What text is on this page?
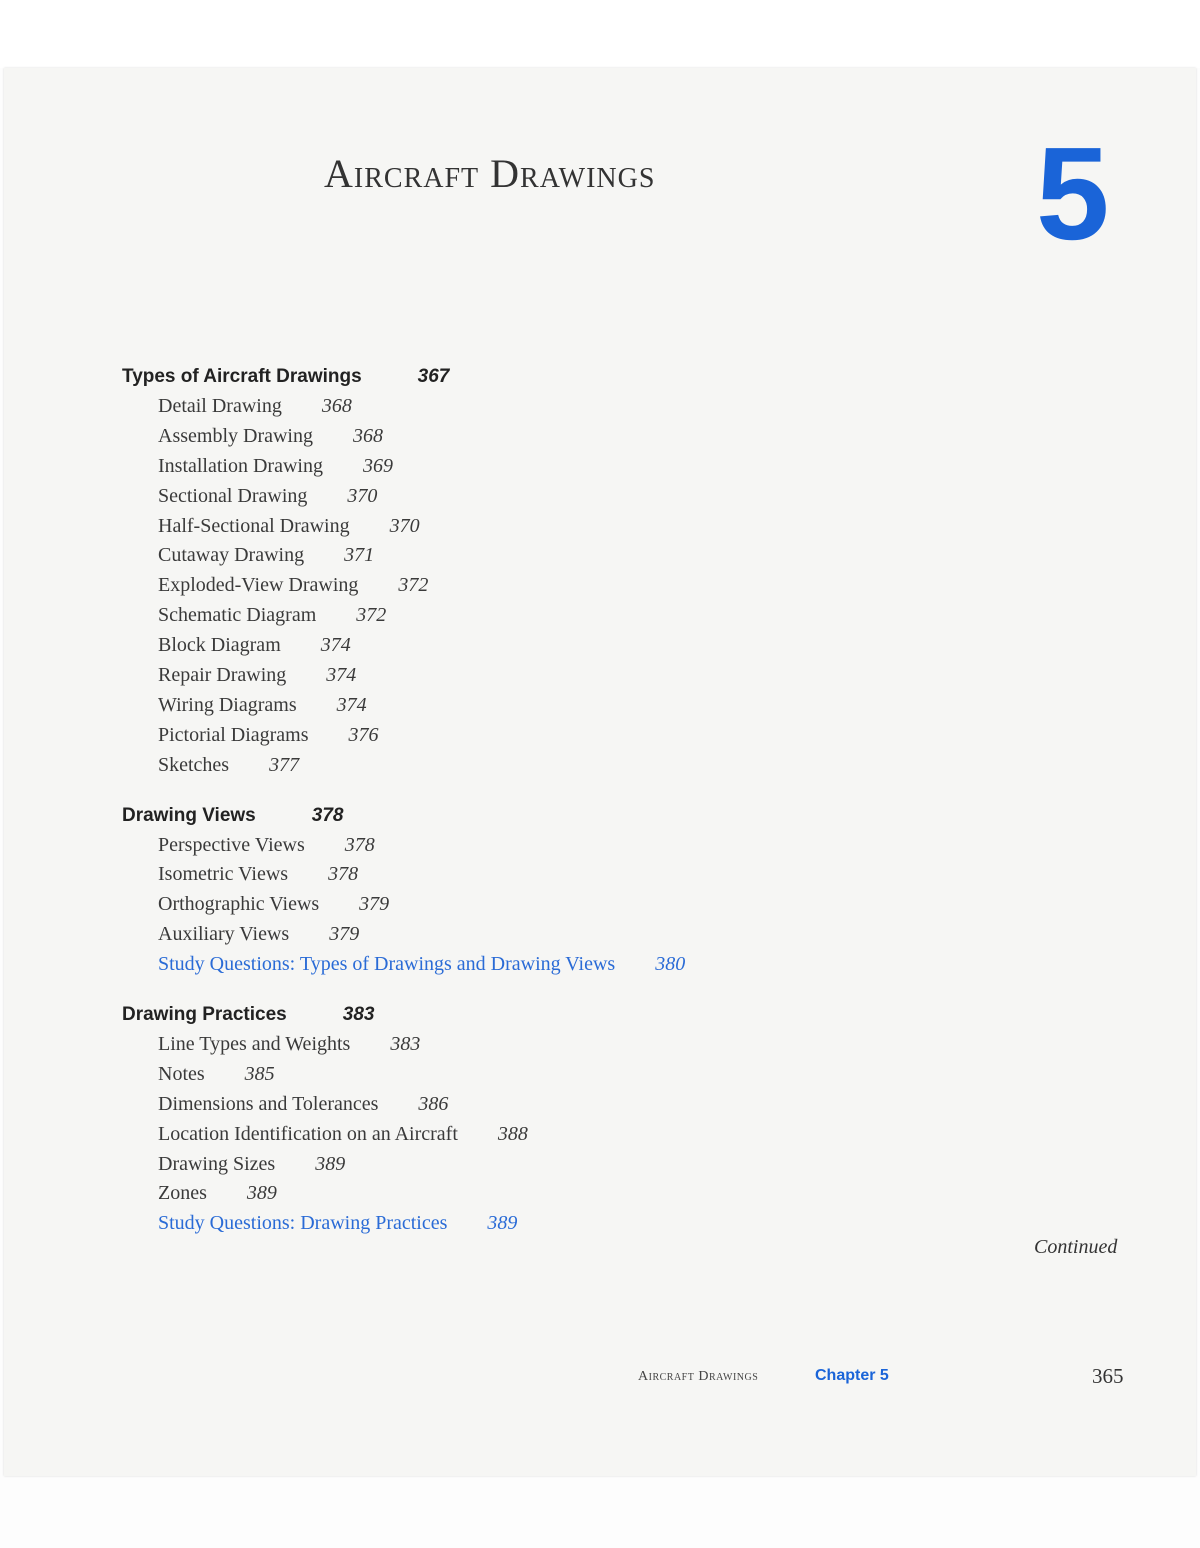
Aircraft Drawings	5
Types of Aircraft Drawings	367
Detail Drawing 368
Assembly Drawing 368
Installation Drawing 369
Sectional Drawing 370
Half-Sectional Drawing 370
Cutaway Drawing 371
Exploded-View Drawing 372
Schematic Diagram 372
Block Diagram 374
Repair Drawing 374
Wiring Diagrams 374
Pictorial Diagrams 376
Sketches 377
Drawing Views	378
Perspective Views 378
Isometric Views 378
Orthographic Views 379
Auxiliary Views 379
Study Questions: Types of Drawings and Drawing Views 380
Drawing Practices	383
Line Types and Weights 383
Notes 385
Dimensions and Tolerances 386
Location Identification on an Aircraft 388
Drawing Sizes 389
Zones 389
Study Questions: Drawing Practices 389
Continued
Aircraft Drawings	Chapter 5	365
